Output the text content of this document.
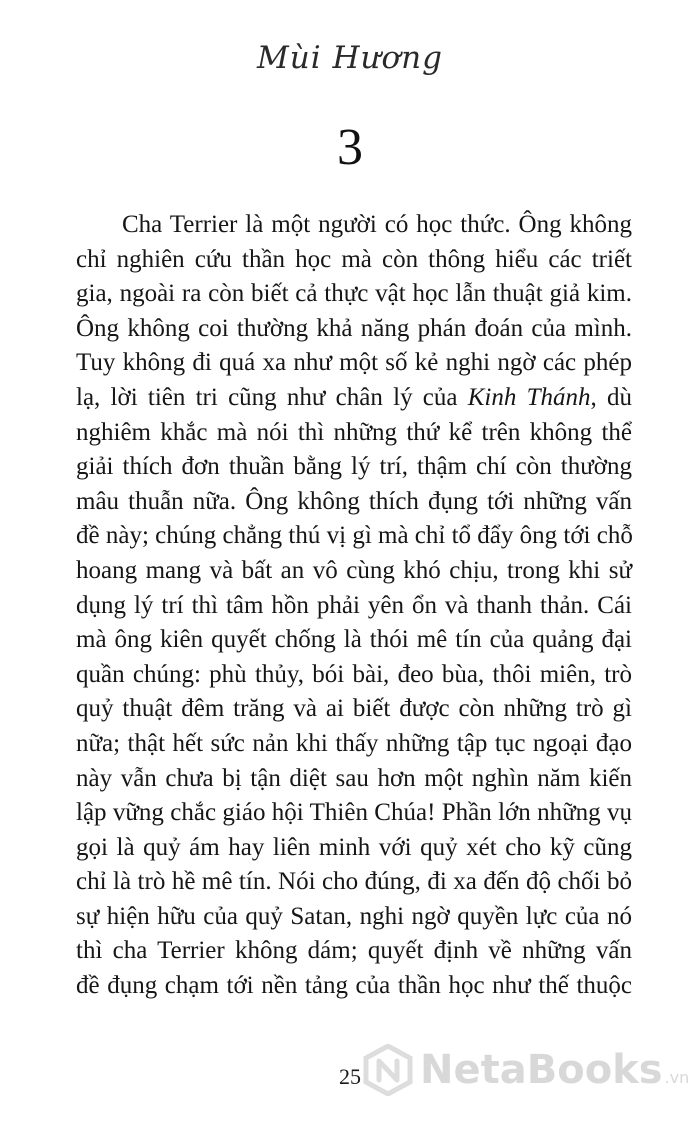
Mùi Hương
3
Cha Terrier là một người có học thức. Ông không
chỉ nghiên cứu thần học mà còn thông hiểu các triết
gia, ngoài ra còn biết cả thực vật học lẫn thuật giả kim.
Ông không coi thường khả năng phán đoán của mình.
Tuy không đi quá xa như một số kẻ nghi ngờ các phép
lạ, lời tiên tri cũng như chân lý của Kinh Thánh, dù
nghiêm khắc mà nói thì những thứ kể trên không thể
giải thích đơn thuần bằng lý trí, thậm chí còn thường
mâu thuẫn nữa. Ông không thích đụng tới những vấn
đề này; chúng chẳng thú vị gì mà chỉ tổ đẩy ông tới chỗ
hoang mang và bất an vô cùng khó chịu, trong khi sử
dụng lý trí thì tâm hồn phải yên ổn và thanh thản. Cái
mà ông kiên quyết chống là thói mê tín của quảng đại
quần chúng: phù thủy, bói bài, đeo bùa, thôi miên, trò
quỷ thuật đêm trăng và ai biết được còn những trò gì
nữa; thật hết sức nản khi thấy những tập tục ngoại đạo
này vẫn chưa bị tận diệt sau hơn một nghìn năm kiến
lập vững chắc giáo hội Thiên Chúa! Phần lớn những vụ
gọi là quỷ ám hay liên minh với quỷ xét cho kỹ cũng
chỉ là trò hề mê tín. Nói cho đúng, đi xa đến độ chối bỏ
sự hiện hữu của quỷ Satan, nghi ngờ quyền lực của nó
thì cha Terrier không dám; quyết định về những vấn
đề đụng chạm tới nền tảng của thần học như thế thuộc
25	NetaBooks .vn
